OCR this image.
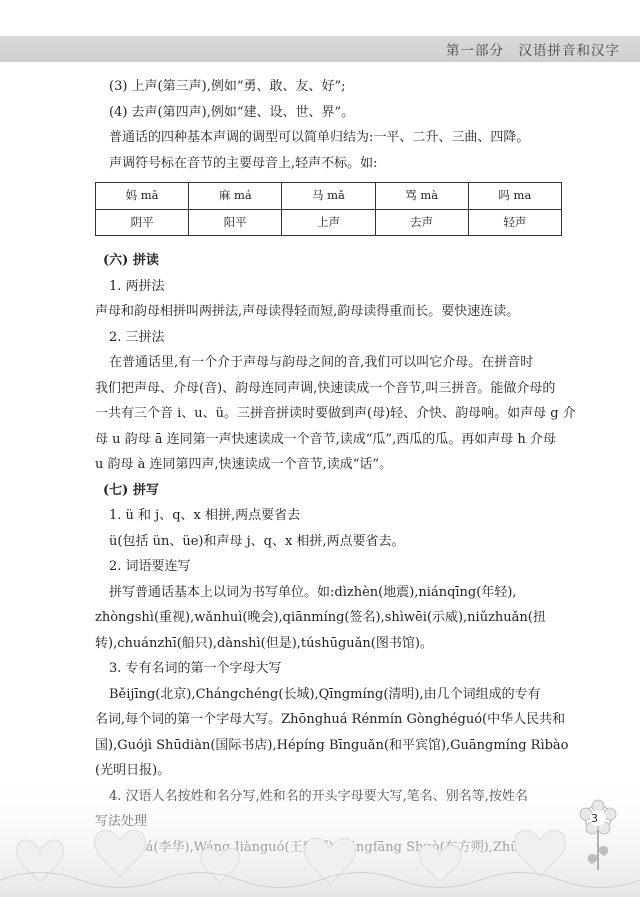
第一部分　汉语拼音和汉字

(3) 上声(第三声),例如“勇、敢、友、好”;

(4) 去声(第四声),例如“建、设、世、界”。

普通话的四种基本声调的调型可以简单归结为:一平、二升、三曲、四降。

声调符号标在音节的主要母音上,轻声不标。如:

妈 mā	麻 má	马 mǎ	骂 mà	吗 ma
阴平	阳平	上声	去声	轻声

(六) 拼读

1. 两拼法

声母和韵母相拼叫两拼法,声母读得轻而短,韵母读得重而长。要快速连读。

2. 三拼法

在普通话里,有一个介于声母与韵母之间的音,我们可以叫它介母。在拼音时

我们把声母、介母(音)、韵母连同声调,快速读成一个音节,叫三拼音。能做介母的

一共有三个音 i、u、ü。三拼音拼读时要做到声(母)轻、介快、韵母响。如声母 g 介

母 u 韵母 ā 连同第一声快速读成一个音节,读成“瓜”,西瓜的瓜。再如声母 h 介母

u 韵母 à 连同第四声,快速读成一个音节,读成“话”。

(七) 拼写

1. ü 和 j、q、x 相拼,两点要省去

ü(包括 ün、üe)和声母 j、q、x 相拼,两点要省去。

2. 词语要连写

拼写普通话基本上以词为书写单位。如:dìzhèn(地震),niánqīng(年轻),

zhòngshì(重视),wǎnhuì(晚会),qiānmíng(签名),shìwēi(示威),niǔzhuǎn(扭

转),chuánzhī(船只),dànshì(但是),túshūguǎn(图书馆)。

3. 专有名词的第一个字母大写

Běijīng(北京),Chángchéng(长城),Qīngmíng(清明),由几个词组成的专有

名词,每个词的第一个字母大写。Zhōnghuá Rénmín Gònghéguó(中华人民共和

国),Guójì Shūdiàn(国际书店),Hépíng Bīnguǎn(和平宾馆),Guāngmíng Rìbào

3
